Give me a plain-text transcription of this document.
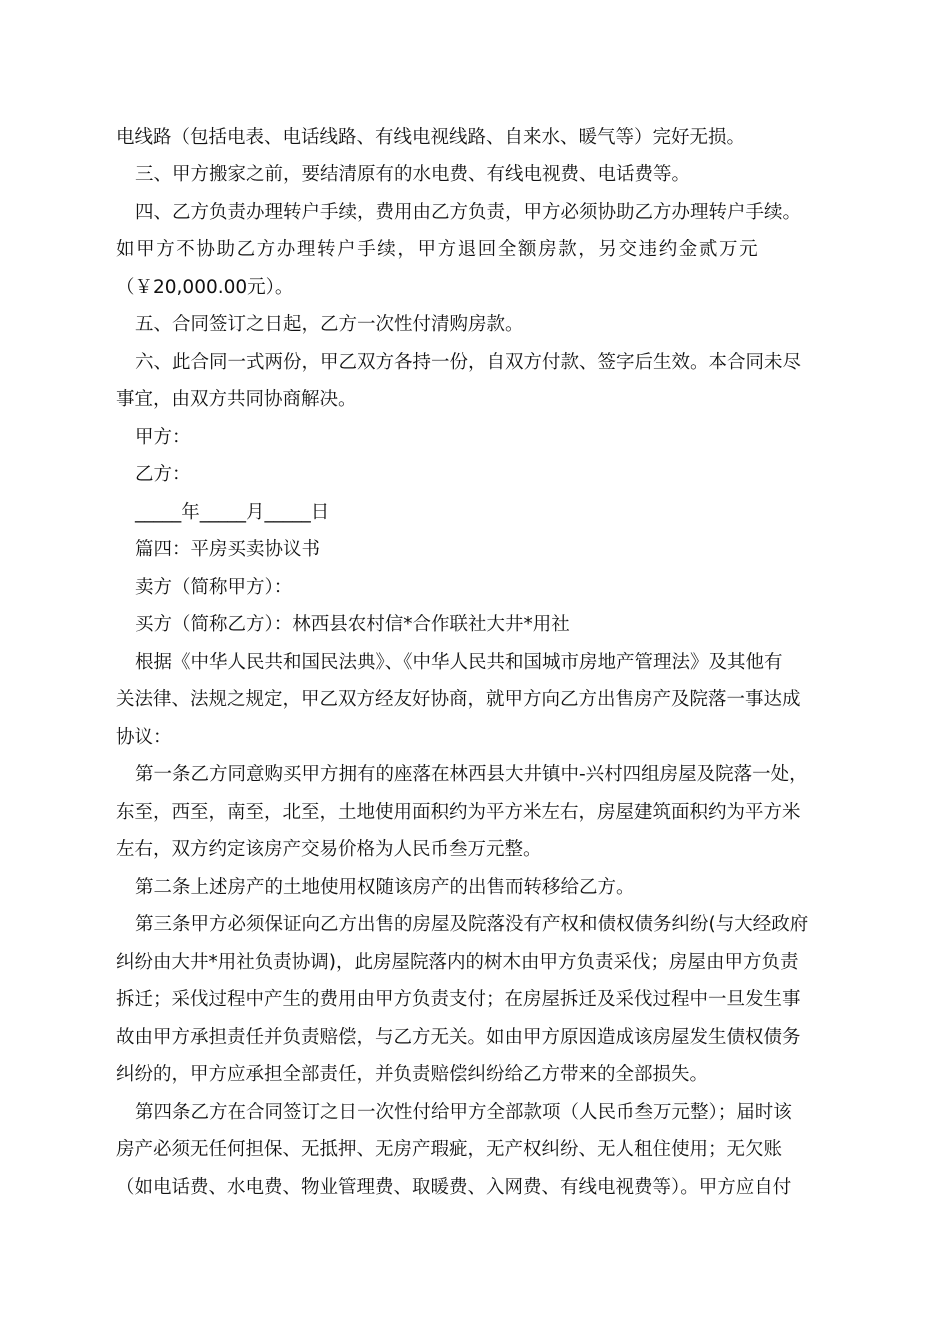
电线路（包括电表、电话线路、有线电视线路、自来水、暖气等）完好无损。
三、甲方搬家之前，要结清原有的水电费、有线电视费、电话费等。
四、乙方负责办理转户手续，费用由乙方负责，甲方必须协助乙方办理转户手续。
如甲方不协助乙方办理转户手续，甲方退回全额房款，另交违约金贰万元
（￥20,000.00元）。
五、合同签订之日起，乙方一次性付清购房款。
六、此合同一式两份，甲乙双方各持一份，自双方付款、签字后生效。本合同未尽
事宜，由双方共同协商解决。
甲方：
乙方：
_____年_____月_____日
篇四：平房买卖协议书
卖方（简称甲方）：
买方（简称乙方）：林西县农村信*合作联社大井*用社
根据《中华人民共和国民法典》、《中华人民共和国城市房地产管理法》及其他有
关法律、法规之规定，甲乙双方经友好协商，就甲方向乙方出售房产及院落一事达成
协议：
第一条乙方同意购买甲方拥有的座落在林西县大井镇中-兴村四组房屋及院落一处，
东至，西至，南至，北至，土地使用面积约为平方米左右，房屋建筑面积约为平方米
左右，双方约定该房产交易价格为人民币叁万元整。
第二条上述房产的土地使用权随该房产的出售而转移给乙方。
第三条甲方必须保证向乙方出售的房屋及院落没有产权和债权债务纠纷(与大经政府
纠纷由大井*用社负责协调)，此房屋院落内的树木由甲方负责采伐；房屋由甲方负责
拆迁；采伐过程中产生的费用由甲方负责支付；在房屋拆迁及采伐过程中一旦发生事
故由甲方承担责任并负责赔偿，与乙方无关。如由甲方原因造成该房屋发生债权债务
纠纷的，甲方应承担全部责任，并负责赔偿纠纷给乙方带来的全部损失。
第四条乙方在合同签订之日一次性付给甲方全部款项（人民币叁万元整）；届时该
房产必须无任何担保、无抵押、无房产瑕疵，无产权纠纷、无人租住使用；无欠账
（如电话费、水电费、物业管理费、取暖费、入网费、有线电视费等）。甲方应自付
